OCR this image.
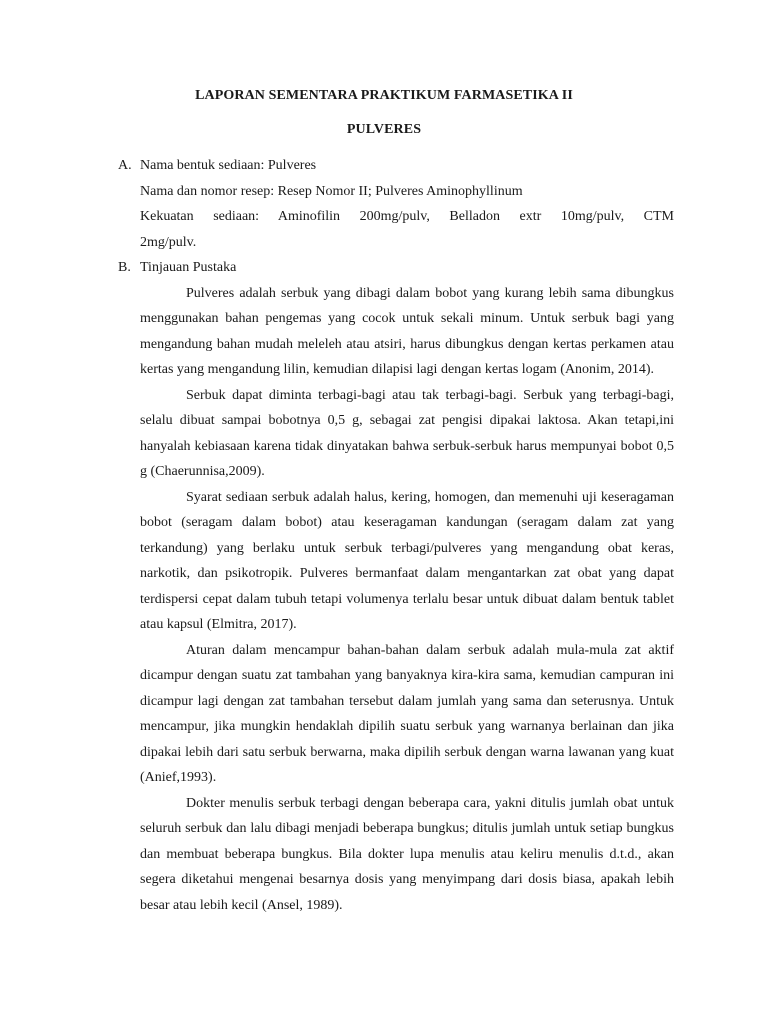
LAPORAN SEMENTARA PRAKTIKUM FARMASETIKA II
PULVERES
A. Nama bentuk sediaan: Pulveres
Nama dan nomor resep: Resep Nomor II; Pulveres Aminophyllinum
Kekuatan sediaan: Aminofilin 200mg/pulv, Belladon extr 10mg/pulv, CTM
2mg/pulv.
B. Tinjauan Pustaka

Pulveres adalah serbuk yang dibagi dalam bobot yang kurang lebih sama dibungkus menggunakan bahan pengemas yang cocok untuk sekali minum. Untuk serbuk bagi yang mengandung bahan mudah meleleh atau atsiri, harus dibungkus dengan kertas perkamen atau kertas yang mengandung lilin, kemudian dilapisi lagi dengan kertas logam (Anonim, 2014).

Serbuk dapat diminta terbagi-bagi atau tak terbagi-bagi. Serbuk yang terbagi-bagi, selalu dibuat sampai bobotnya 0,5 g, sebagai zat pengisi dipakai laktosa. Akan tetapi,ini hanyalah kebiasaan karena tidak dinyatakan bahwa serbuk-serbuk harus mempunyai bobot 0,5 g (Chaerunnisa,2009).

Syarat sediaan serbuk adalah halus, kering, homogen, dan memenuhi uji keseragaman bobot (seragam dalam bobot) atau keseragaman kandungan (seragam dalam zat yang terkandung) yang berlaku untuk serbuk terbagi/pulveres yang mengandung obat keras, narkotik, dan psikotropik. Pulveres bermanfaat dalam mengantarkan zat obat yang dapat terdispersi cepat dalam tubuh tetapi volumenya terlalu besar untuk dibuat dalam bentuk tablet atau kapsul (Elmitra, 2017).

Aturan dalam mencampur bahan-bahan dalam serbuk adalah mula-mula zat aktif dicampur dengan suatu zat tambahan yang banyaknya kira-kira sama, kemudian campuran ini dicampur lagi dengan zat tambahan tersebut dalam jumlah yang sama dan seterusnya. Untuk mencampur, jika mungkin hendaklah dipilih suatu serbuk yang warnanya berlainan dan jika dipakai lebih dari satu serbuk berwarna, maka dipilih serbuk dengan warna lawanan yang kuat (Anief,1993).

Dokter menulis serbuk terbagi dengan beberapa cara, yakni ditulis jumlah obat untuk seluruh serbuk dan lalu dibagi menjadi beberapa bungkus; ditulis jumlah untuk setiap bungkus dan membuat beberapa bungkus. Bila dokter lupa menulis atau keliru menulis d.t.d., akan segera diketahui mengenai besarnya dosis yang menyimpang dari dosis biasa, apakah lebih besar atau lebih kecil (Ansel, 1989).
